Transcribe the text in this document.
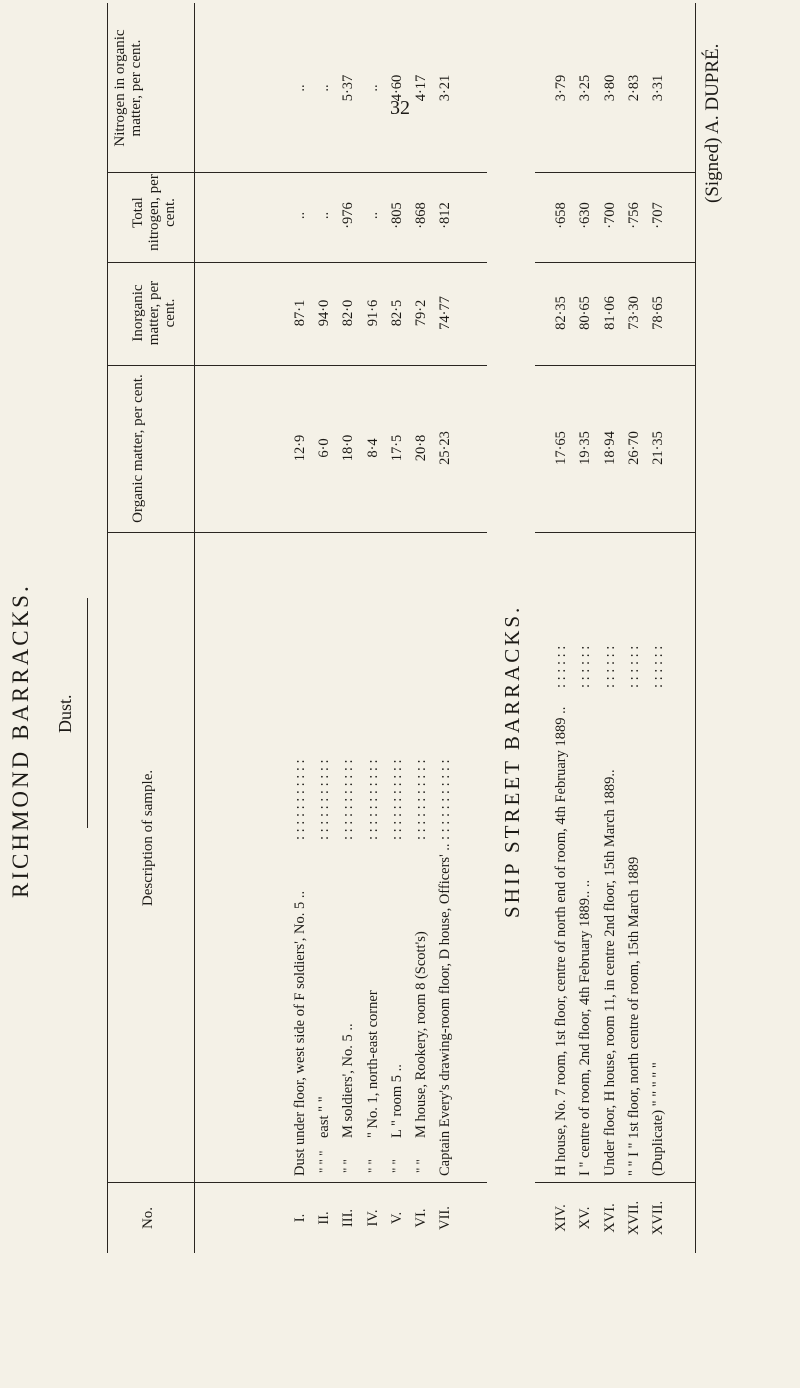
32
RICHMOND BARRACKS. Dust.
Nitrogen in organic matter, per cent.
Total nitrogen, per cent.
Inorganic matter, per cent.
Organic matter, per cent.
Description of sample.
No.	I.
Dust under floor, west side of F soldiers', No. 5 ..
: : : : : : : : : : :
12·9
87·1
..
..
II.
" " "
east " "
: : : : : : : : : : :
6·0
94·0
..
..
III.
" "
M soldiers', No. 5 ..
: : : : : : : : : : :
18·0
82·0
·976
5·37
IV.
" "
" No. 1, north-east corner
: : : : : : : : : : :
8·4
91·6
..
..
V.
" "
L " room 5 ..
: : : : : : : : : : :
17·5
82·5
·805
4·60
VI.
" "
M house, Rookery, room 8 (Scott's)
: : : : : : : : : : :
20·8
79·2
·868
4·17
VII.
Captain Every's drawing-room floor, D house, Officers' ..
: : : : : : : : : : :
25·23
74·77
·812
3·21
SHIP STREET BARRACKS.
XIV.
H house, No. 7 room, 1st floor, centre of north end of room, 4th February 1889 ..
: : : : : :
17·65
82·35
·658
3·79
XV.
I " centre of room, 2nd floor, 4th February 1889.. ..
: : : : : :
19·35
80·65
·630
3·25
XVI.
Under floor, H house, room 11, in centre 2nd floor, 15th March 1889..
: : : : : :
18·94
81·06
·700
3·80
XVII.
" " I " 1st floor, north centre of room, 15th March 1889
: : : : : :
26·70
73·30
·756
2·83
XVII.
(Duplicate) " " " " "
: : : : : :
21·35
78·65
·707
3·31 (Signed) A. DUPRÉ.
